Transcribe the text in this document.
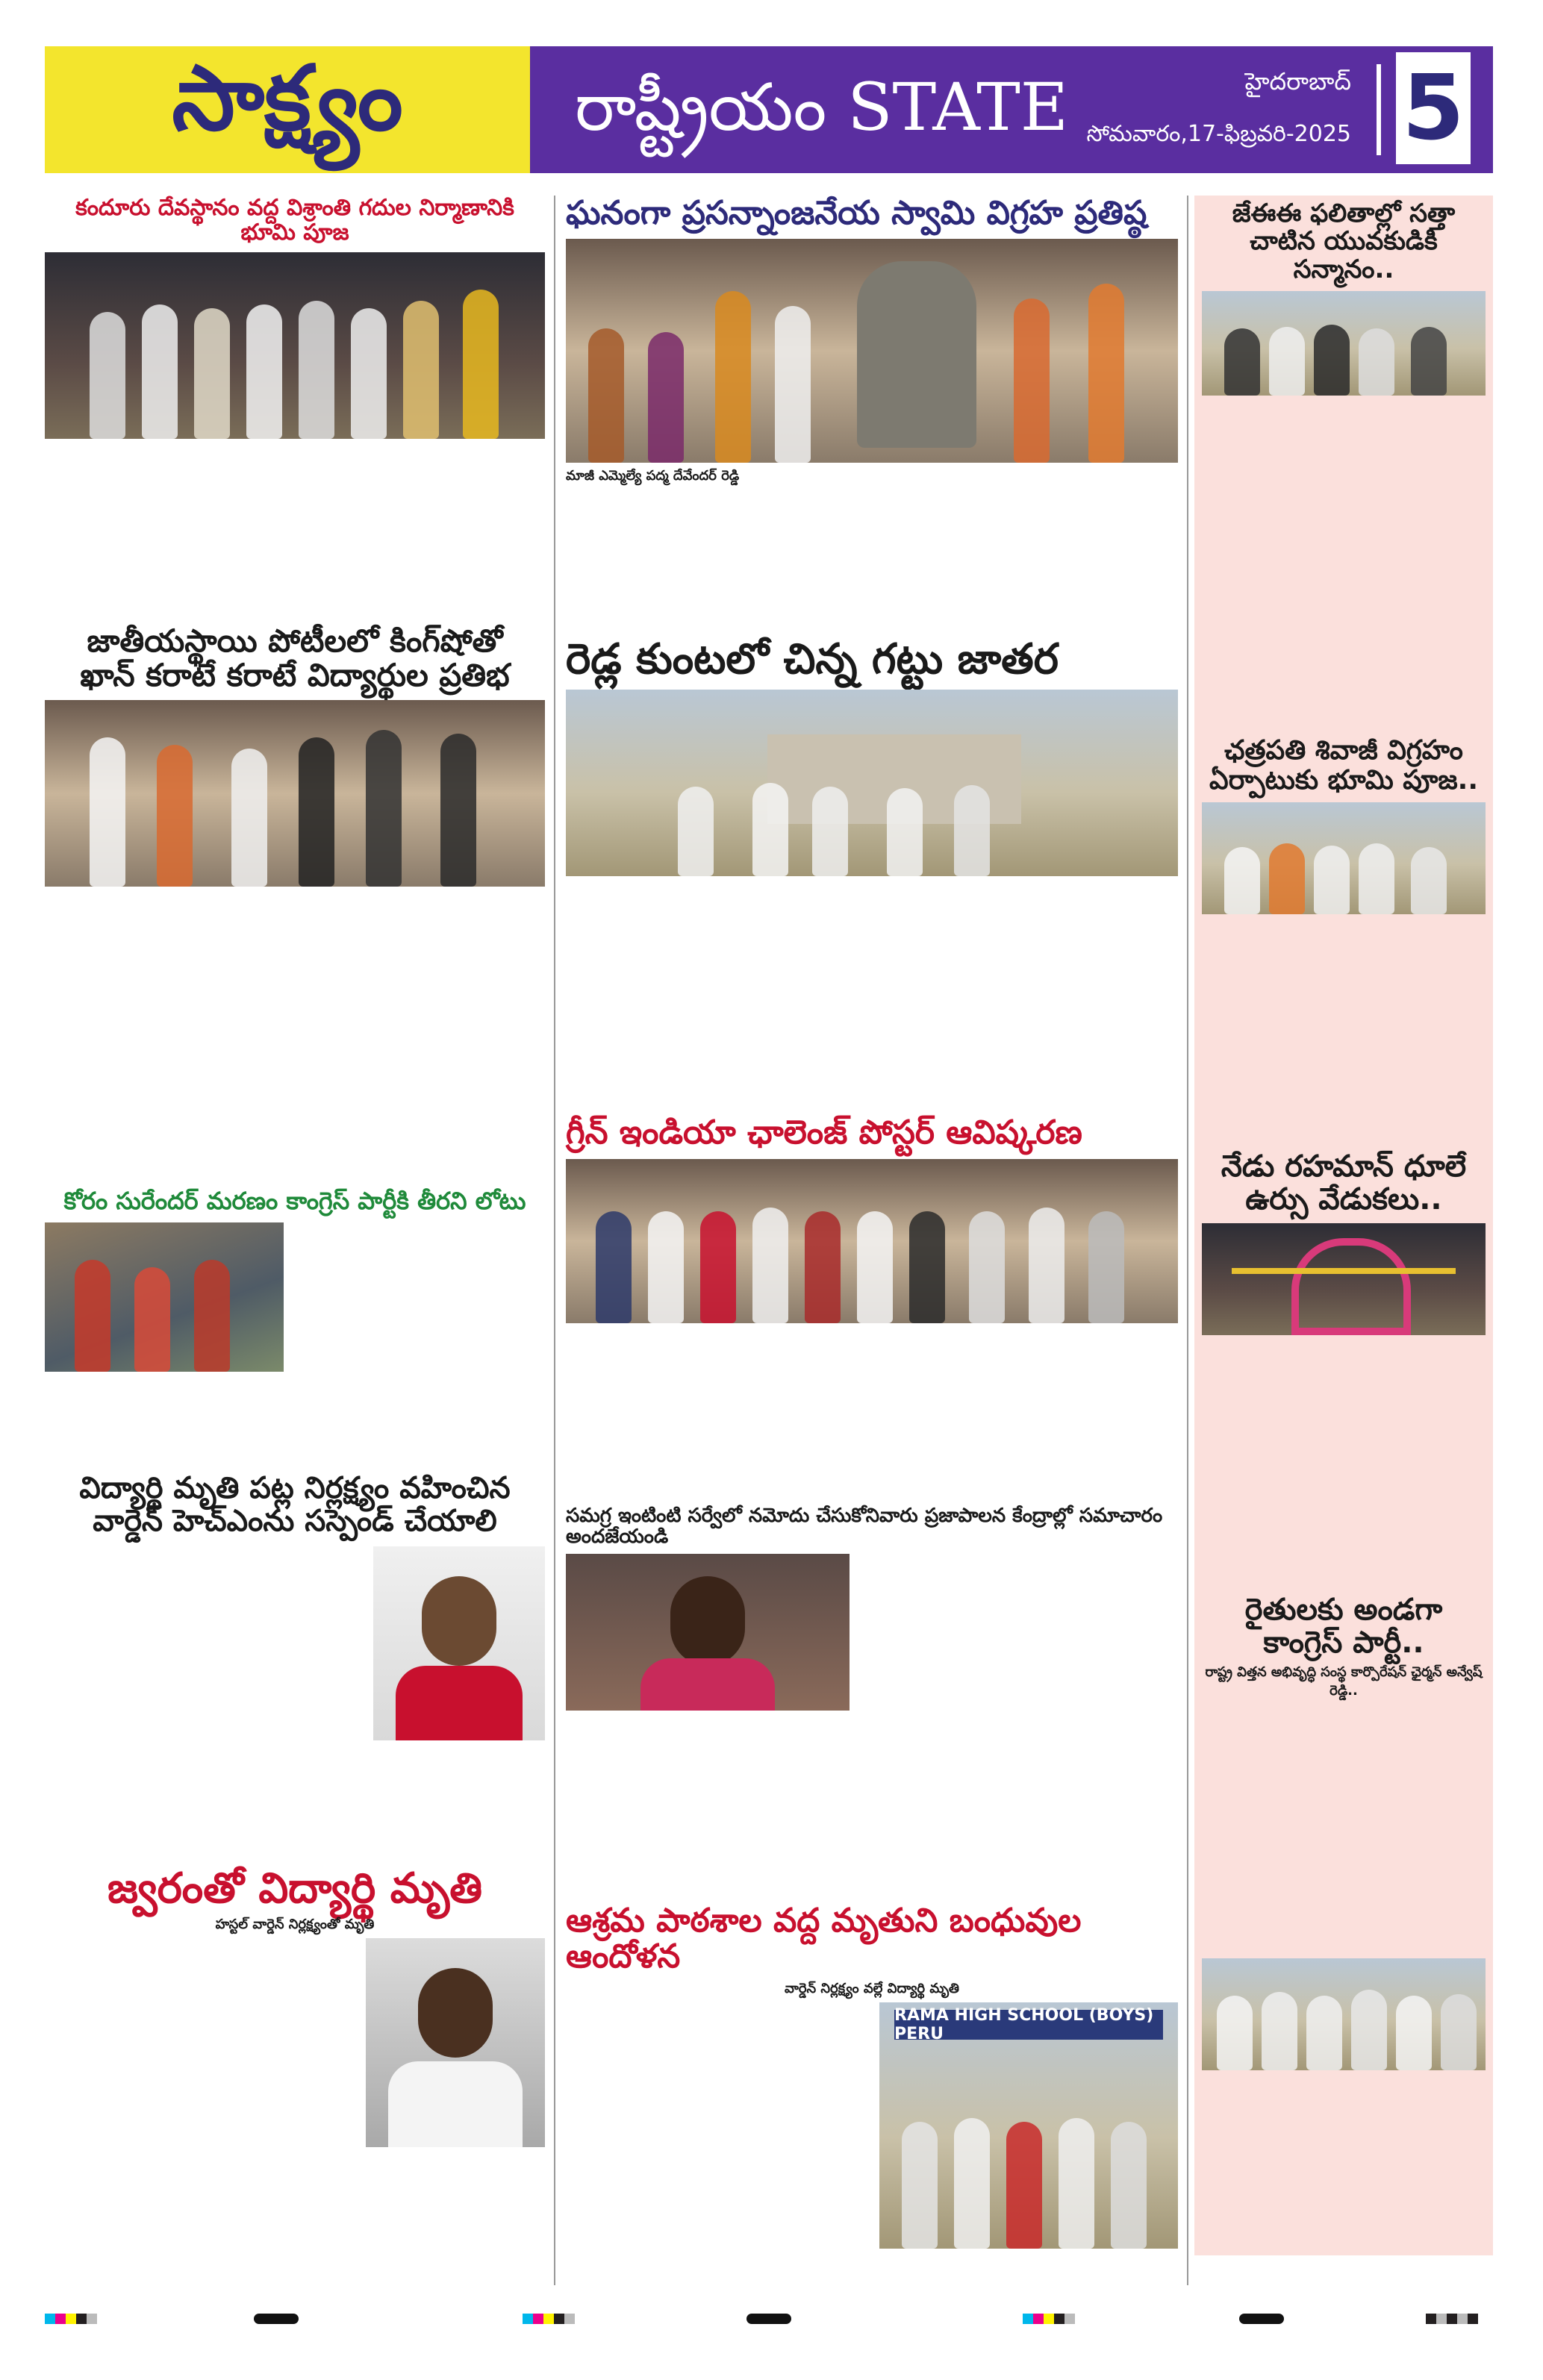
సాక్ష్యం	రాష్ట్రీయం STATE	హైదరాబాద్
సోమవారం,17-ఫిబ్రవరి-2025 5
కందూరు దేవస్థానం వద్ద విశ్రాంతి గదుల నిర్మాణానికి భూమి పూజ
జాతీయస్థాయి పోటీలలో కింగ్‌షోతో
ఖాన్ కరాటే కరాటే విద్యార్థుల ప్రతిభ
కోరం సురేందర్ మరణం కాంగ్రెస్ పార్టీకి తీరని లోటు
విద్యార్థి మృతి పట్ల నిర్లక్ష్యం వహించిన
వార్డెన్ హెచ్‌ఎంను సస్పెండ్ చేయాలి
జ్వరంతో విద్యార్థి మృతి
హస్టల్ వార్డెన్ నిర్లక్ష్యంతో మృతి
ఘనంగా ప్రసన్నాంజనేయ స్వామి విగ్రహ ప్రతిష్ఠ
మాజీ ఎమ్మెల్యే పద్మ దేవేందర్ రెడ్డి
రెడ్ల కుంటలో చిన్న గట్టు జాతర
గ్రీన్ ఇండియా ఛాలెంజ్ పోస్టర్ ఆవిష్కరణ
సమగ్ర ఇంటింటి సర్వేలో నమోదు చేసుకోనివారు ప్రజాపాలన కేంద్రాల్లో సమాచారం అందజేయండి
ఆశ్రమ పాఠశాల వద్ద మృతుని బంధువుల ఆందోళన
వార్డెన్ నిర్లక్ష్యం వల్లే విద్యార్థి మృతి
RAMA HIGH SCHOOL (BOYS) PERU
జేఈఈ ఫలితాల్లో సత్తా చాటిన యువకుడికి సన్మానం..
ఛత్రపతి శివాజీ విగ్రహం ఏర్పాటుకు భూమి పూజ..
నేడు రహమాన్ ధూలే ఉర్సు వేడుకలు..
రైతులకు అండగా కాంగ్రెస్ పార్టీ..
రాష్ట్ర విత్తన అభివృద్ధి సంస్థ కార్పొరేషన్ ఛైర్మన్ అన్వేష్ రెడ్డి..
